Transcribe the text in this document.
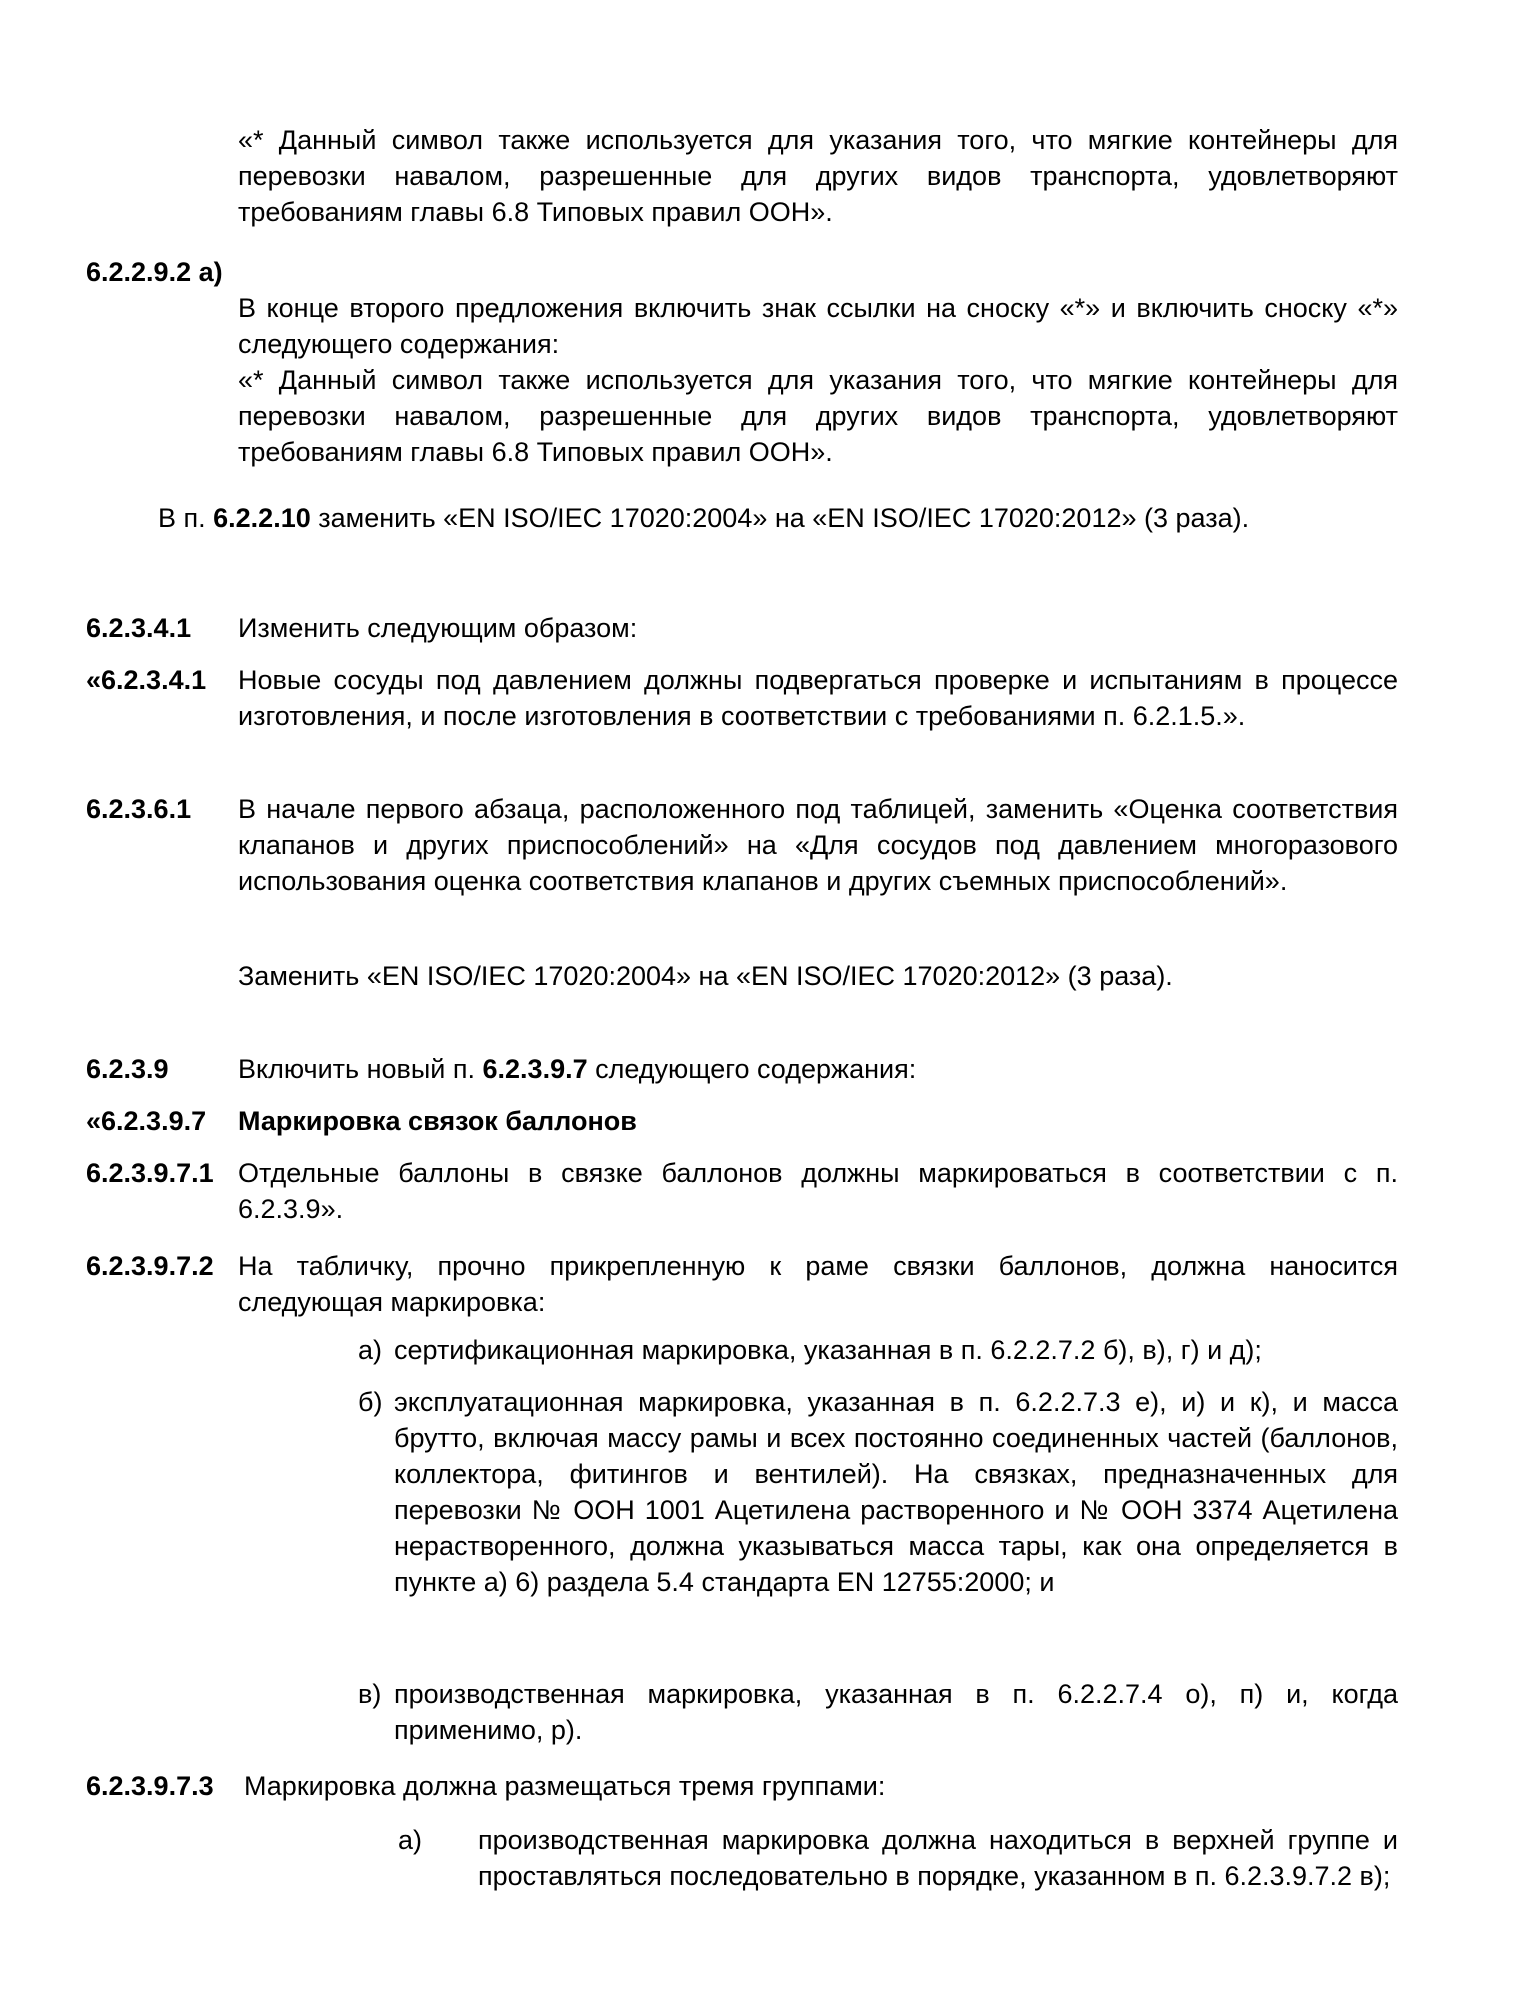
«* Данный символ также используется для указания того, что мягкие контейнеры для перевозки навалом, разрешенные для других видов транспорта, удовлетворяют требованиям главы 6.8 Типовых правил ООН».
6.2.2.9.2 а)
В конце второго предложения включить знак ссылки на сноску «*» и включить сноску «*» следующего содержания:
«* Данный символ также используется для указания того, что мягкие контейнеры для перевозки навалом, разрешенные для других видов транспорта, удовлетворяют требованиям главы 6.8 Типовых правил ООН».
В п. 6.2.2.10 заменить «EN ISO/IEC 17020:2004» на «EN ISO/IEC 17020:2012» (3 раза).
6.2.3.4.1 Изменить следующим образом:
«6.2.3.4.1 Новые сосуды под давлением должны подвергаться проверке и испытаниям в процессе изготовления, и после изготовления в соответствии с требованиями п. 6.2.1.5.».
6.2.3.6.1 В начале первого абзаца, расположенного под таблицей, заменить «Оценка соответствия клапанов и других приспособлений» на «Для сосудов под давлением многоразового использования оценка соответствия клапанов и других съемных приспособлений».
Заменить «EN ISO/IEC 17020:2004» на «EN ISO/IEC 17020:2012» (3 раза).
6.2.3.9	Включить новый п. 6.2.3.9.7 следующего содержания:
«6.2.3.9.7 Маркировка связок баллонов
6.2.3.9.7.1 Отдельные баллоны в связке баллонов должны маркироваться в соответствии с п. 6.2.3.9».
6.2.3.9.7.2 На табличку, прочно прикрепленную к раме связки баллонов, должна наносится следующая маркировка:
а) сертификационная маркировка, указанная в п. 6.2.2.7.2 б), в), г) и д);
б) эксплуатационная маркировка, указанная в п. 6.2.2.7.3 е), и) и к), и масса брутто, включая массу рамы и всех постоянно соединенных частей (баллонов, коллектора, фитингов и вентилей). На связках, предназначенных для перевозки № ООН 1001 Ацетилена растворенного и № ООН 3374 Ацетилена нерастворенного, должна указываться масса тары, как она определяется в пункте а) 6) раздела 5.4 стандарта EN 12755:2000; и
в) производственная маркировка, указанная в п. 6.2.2.7.4 о), п) и, когда применимо, р).
6.2.3.9.7.3 Маркировка должна размещаться тремя группами:
а) производственная маркировка должна находиться в верхней группе и проставляться последовательно в порядке, указанном в п. 6.2.3.9.7.2 в);
